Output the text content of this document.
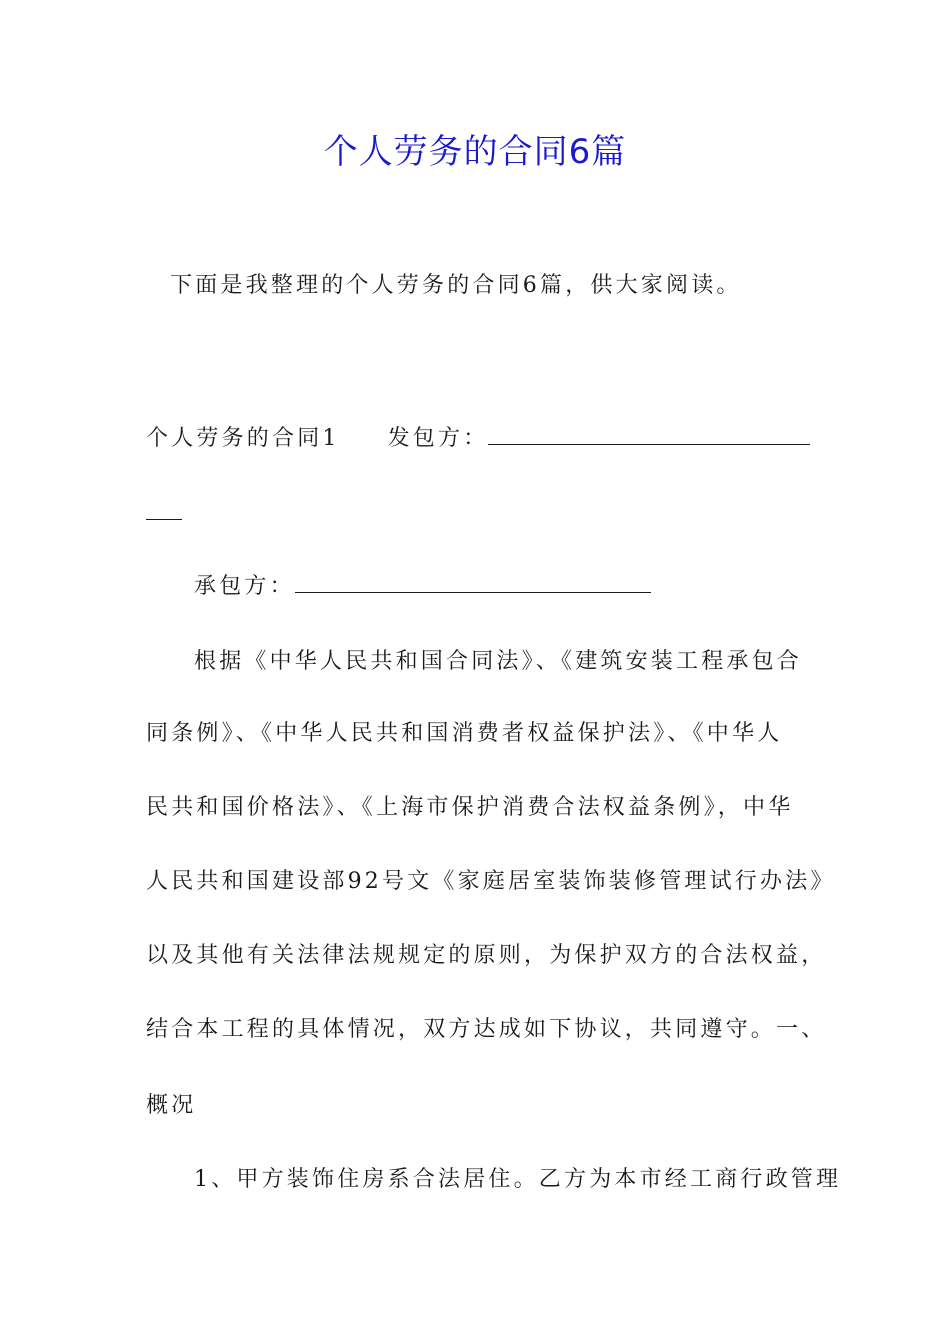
个人劳务的合同6篇
下面是我整理的个人劳务的合同6篇，供大家阅读。
个人劳务的合同1 发包方：
承包方：
根据《中华人民共和国合同法》、《建筑安装工程承包合
同条例》、《中华人民共和国消费者权益保护法》、《中华人
民共和国价格法》、《上海市保护消费合法权益条例》，中华
人民共和国建设部92号文《家庭居室装饰装修管理试行办法》
以及其他有关法律法规规定的原则，为保护双方的合法权益，
结合本工程的具体情况，双方达成如下协议，共同遵守。一、
概况
1、甲方装饰住房系合法居住。乙方为本市经工商行政管理
